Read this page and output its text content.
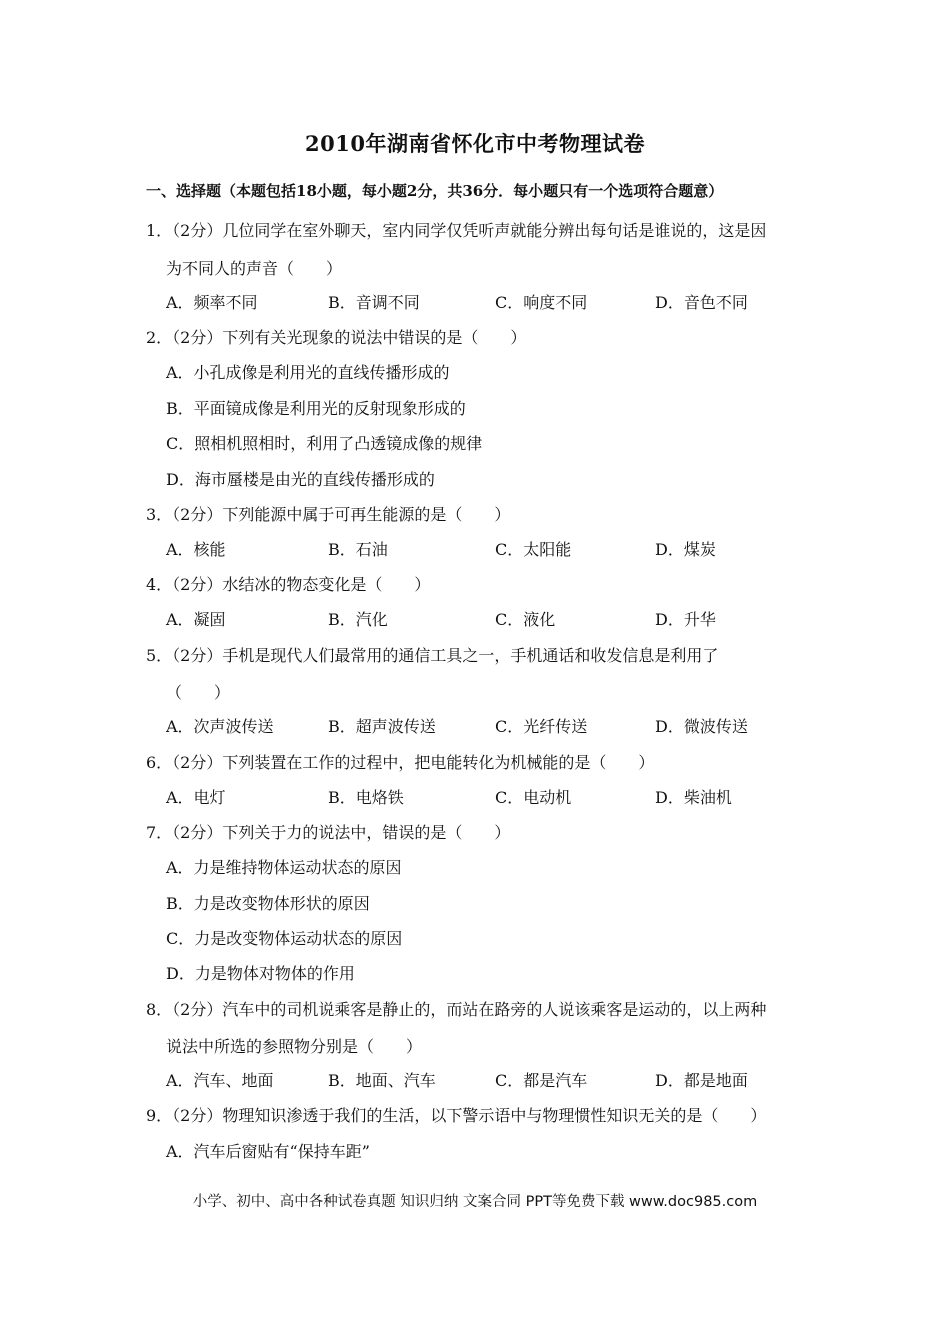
2010年湖南省怀化市中考物理试卷
一、选择题（本题包括18小题，每小题2分，共36分．每小题只有一个选项符合题意）
1．（2分）几位同学在室外聊天，室内同学仅凭听声就能分辨出每句话是谁说的，这是因
为不同人的声音（　　）
A．频率不同	B．音调不同	C．响度不同	D．音色不同
2．（2分）下列有关光现象的说法中错误的是（　　）
A．小孔成像是利用光的直线传播形成的
B．平面镜成像是利用光的反射现象形成的
C．照相机照相时，利用了凸透镜成像的规律
D．海市蜃楼是由光的直线传播形成的
3．（2分）下列能源中属于可再生能源的是（　　）
A．核能	B．石油	C．太阳能	D．煤炭
4．（2分）水结冰的物态变化是（　　）
A．凝固	B．汽化	C．液化	D．升华
5．（2分）手机是现代人们最常用的通信工具之一，手机通话和收发信息是利用了
（　　）
A．次声波传送	B．超声波传送	C．光纤传送	D．微波传送
6．（2分）下列装置在工作的过程中，把电能转化为机械能的是（　　）
A．电灯	B．电烙铁	C．电动机	D．柴油机
7．（2分）下列关于力的说法中，错误的是（　　）
A．力是维持物体运动状态的原因
B．力是改变物体形状的原因
C．力是改变物体运动状态的原因
D．力是物体对物体的作用
8．（2分）汽车中的司机说乘客是静止的，而站在路旁的人说该乘客是运动的，以上两种
说法中所选的参照物分别是（　　）
A．汽车、地面	B．地面、汽车	C．都是汽车	D．都是地面
9．（2分）物理知识渗透于我们的生活，以下警示语中与物理惯性知识无关的是（　　）
A．汽车后窗贴有“保持车距”
小学、初中、高中各种试卷真题 知识归纳 文案合同 PPT等免费下载 www.doc985.com
